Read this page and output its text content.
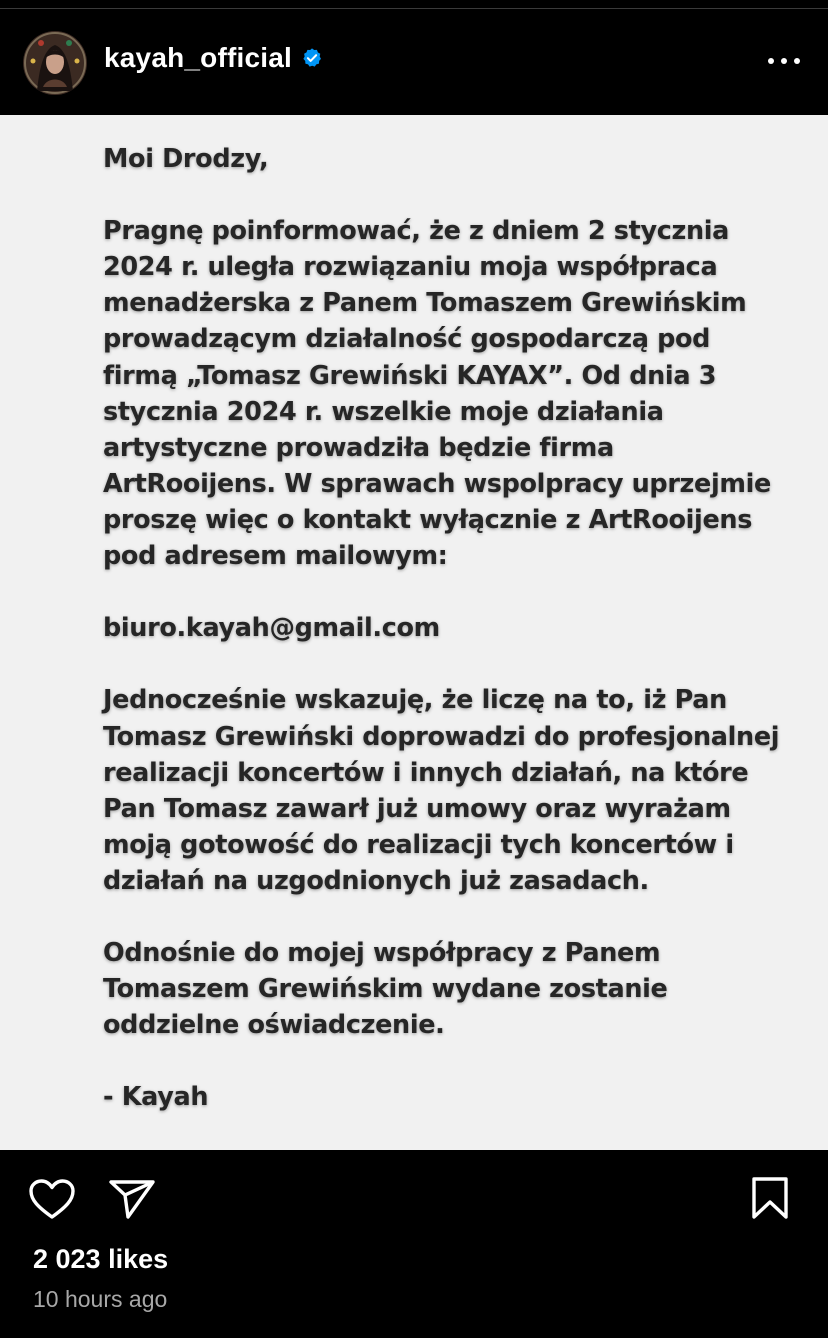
kayah_official

Moi Drodzy,

Pragnę poinformować, że z dniem 2 stycznia
2024 r. uległa rozwiązaniu moja współpraca
menadżerska z Panem Tomaszem Grewińskim
prowadzącym działalność gospodarczą pod
firmą „Tomasz Grewiński KAYAX”. Od dnia 3
stycznia 2024 r. wszelkie moje działania
artystyczne prowadziła będzie firma
ArtRooijens. W sprawach wspolpracy uprzejmie
proszę więc o kontakt wyłącznie z ArtRooijens
pod adresem mailowym:

biuro.kayah@gmail.com

Jednocześnie wskazuję, że liczę na to, iż Pan
Tomasz Grewiński doprowadzi do profesjonalnej
realizacji koncertów i innych działań, na które
Pan Tomasz zawarł już umowy oraz wyrażam
moją gotowość do realizacji tych koncertów i
działań na uzgodnionych już zasadach.

Odnośnie do mojej współpracy z Panem
Tomaszem Grewińskim wydane zostanie
oddzielne oświadczenie.

- Kayah

2 023 likes
10 hours ago
